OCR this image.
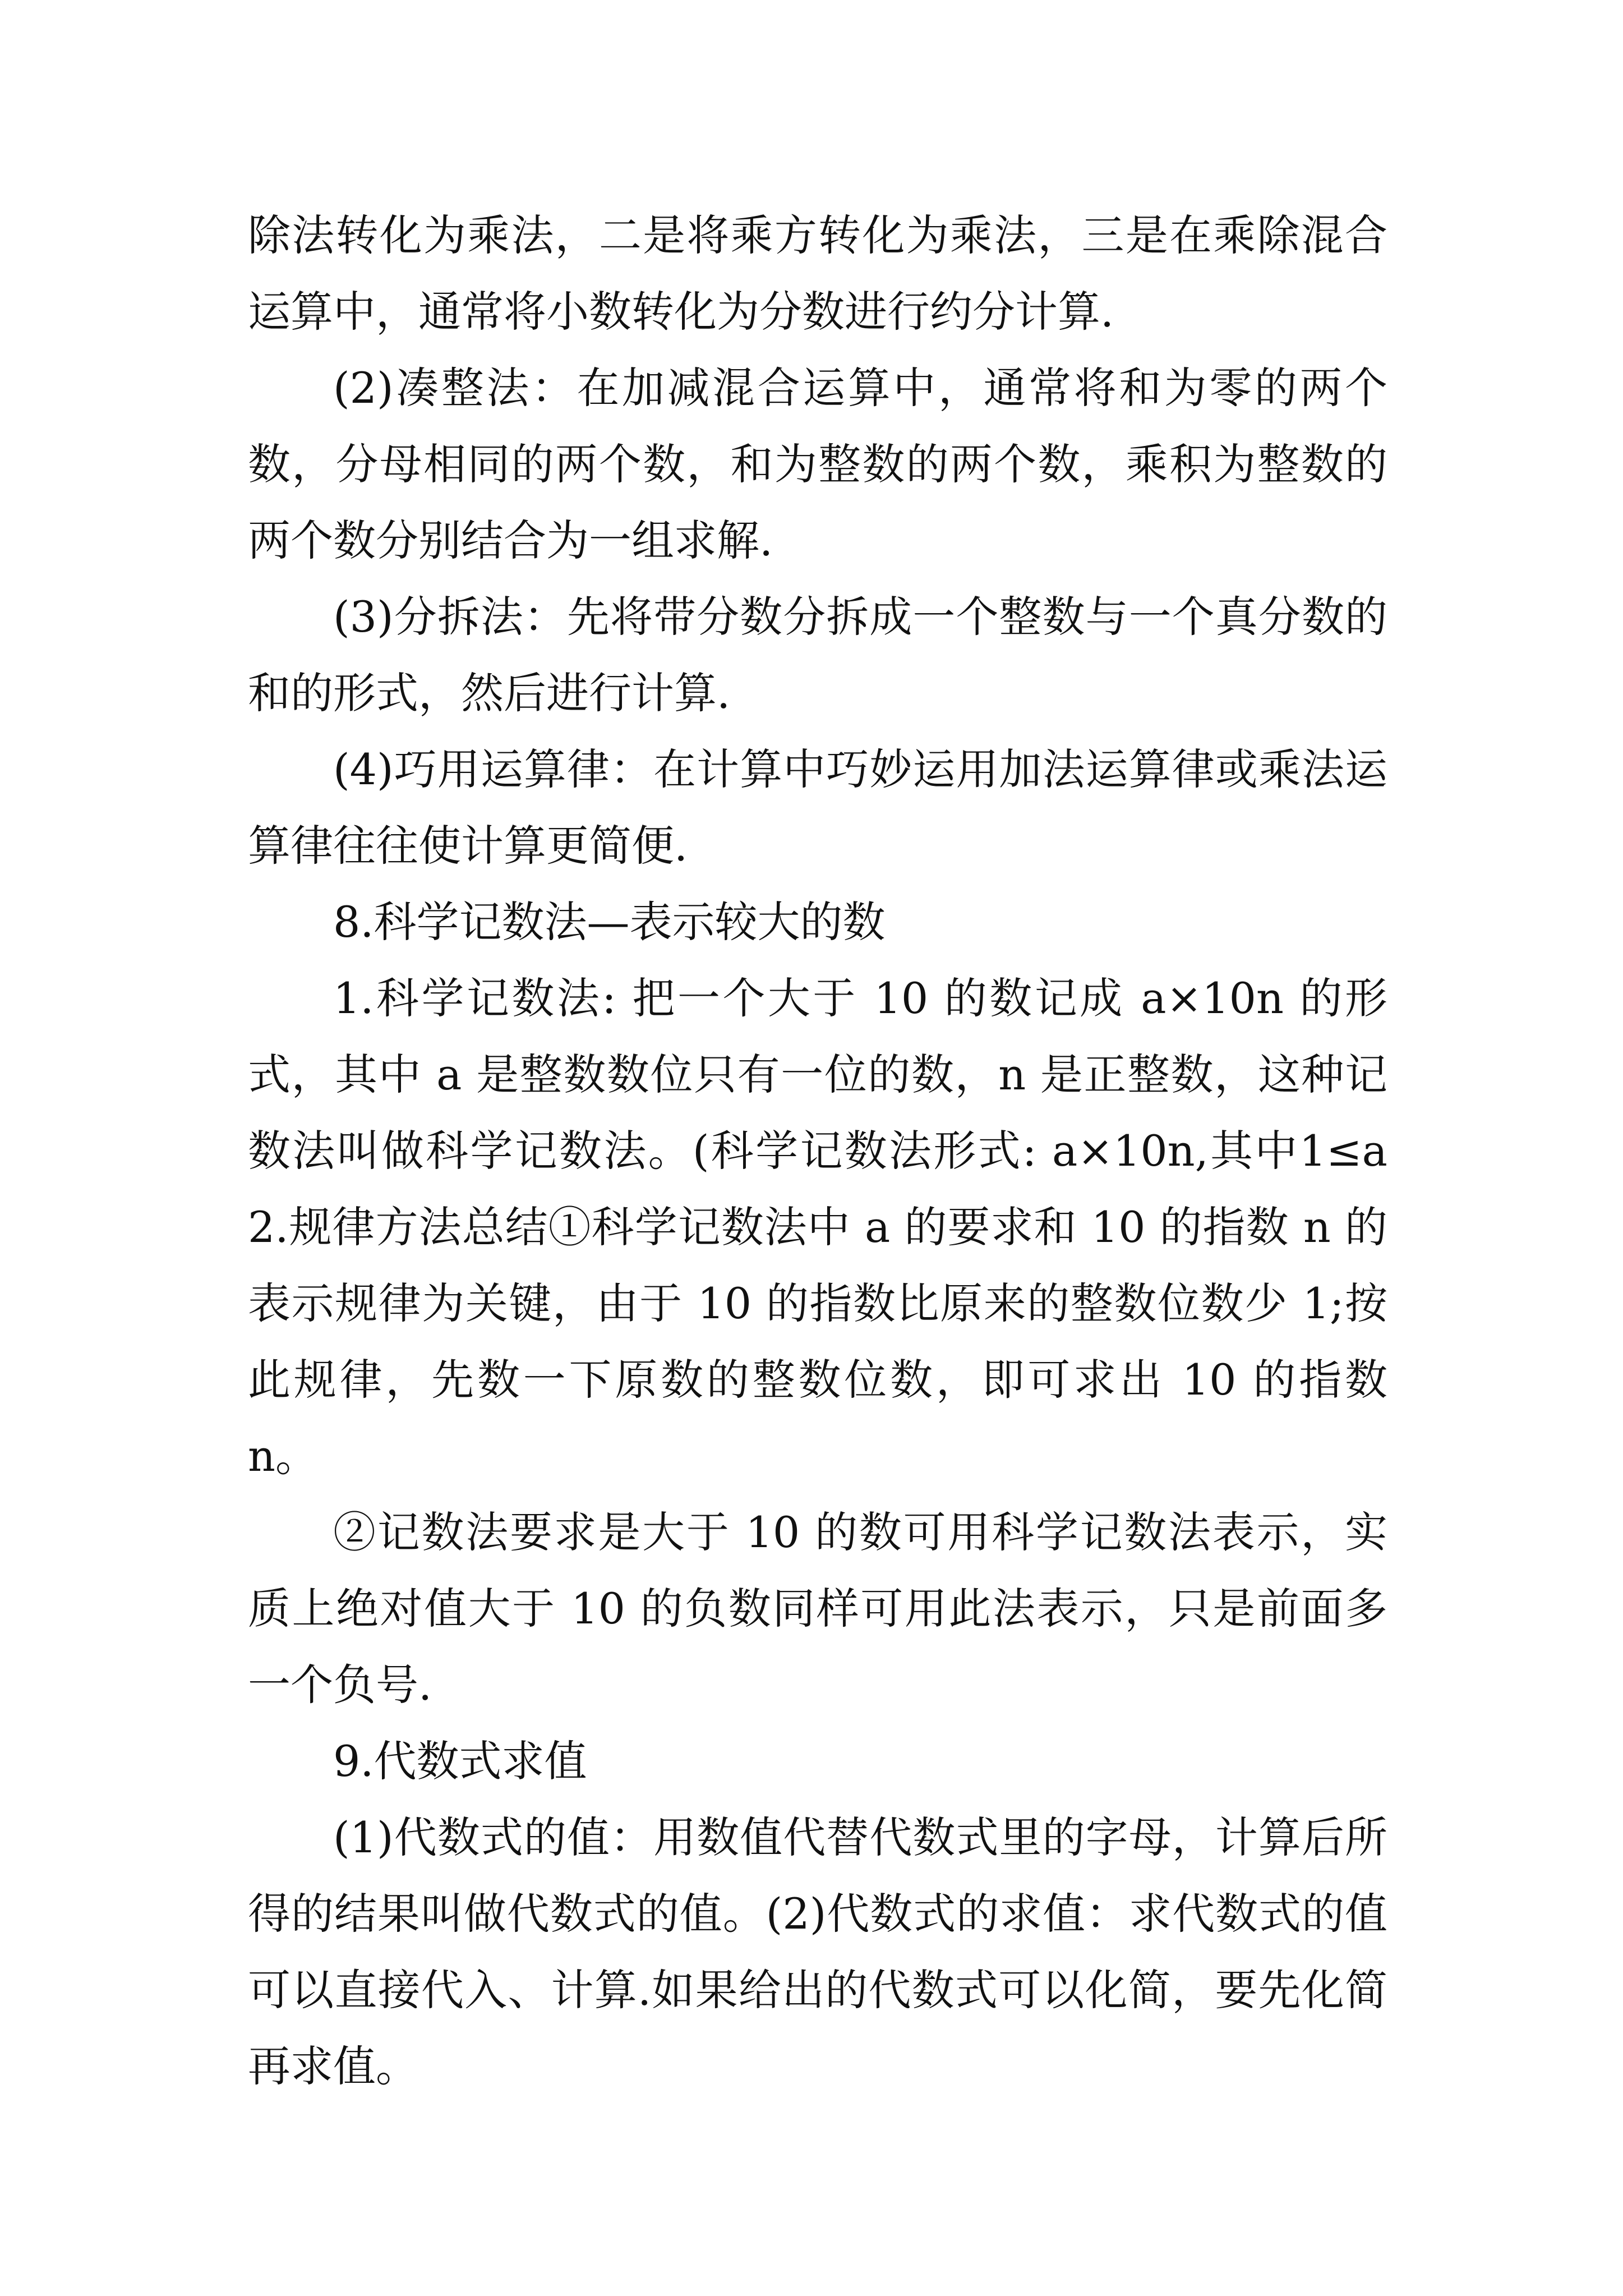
除法转化为乘法，二是将乘方转化为乘法，三是在乘除混合运算中，通常将小数转化为分数进行约分计算.

(2)凑整法：在加减混合运算中，通常将和为零的两个数，分母相同的两个数，和为整数的两个数，乘积为整数的两个数分别结合为一组求解.

(3)分拆法：先将带分数分拆成一个整数与一个真分数的和的形式，然后进行计算.

(4)巧用运算律：在计算中巧妙运用加法运算律或乘法运算律往往使计算更简便.

8.科学记数法—表示较大的数

1.科学记数法: 把一个大于 10 的数记成 a×10n 的形式，其中 a 是整数数位只有一位的数，n 是正整数，这种记数法叫做科学记数法。(科学记数法形式: a×10n,其中1≤a　　2.规律方法总结①科学记数法中 a 的要求和 10 的指数 n 的表示规律为关键，由于 10 的指数比原来的整数位数少 1;按此规律，先数一下原数的整数位数，即可求出 10 的指数 n。

②记数法要求是大于 10 的数可用科学记数法表示，实质上绝对值大于 10 的负数同样可用此法表示，只是前面多一个负号.

9.代数式求值

(1)代数式的值：用数值代替代数式里的字母，计算后所得的结果叫做代数式的值。(2)代数式的求值：求代数式的值可以直接代入、计算.如果给出的代数式可以化简，要先化简再求值。
